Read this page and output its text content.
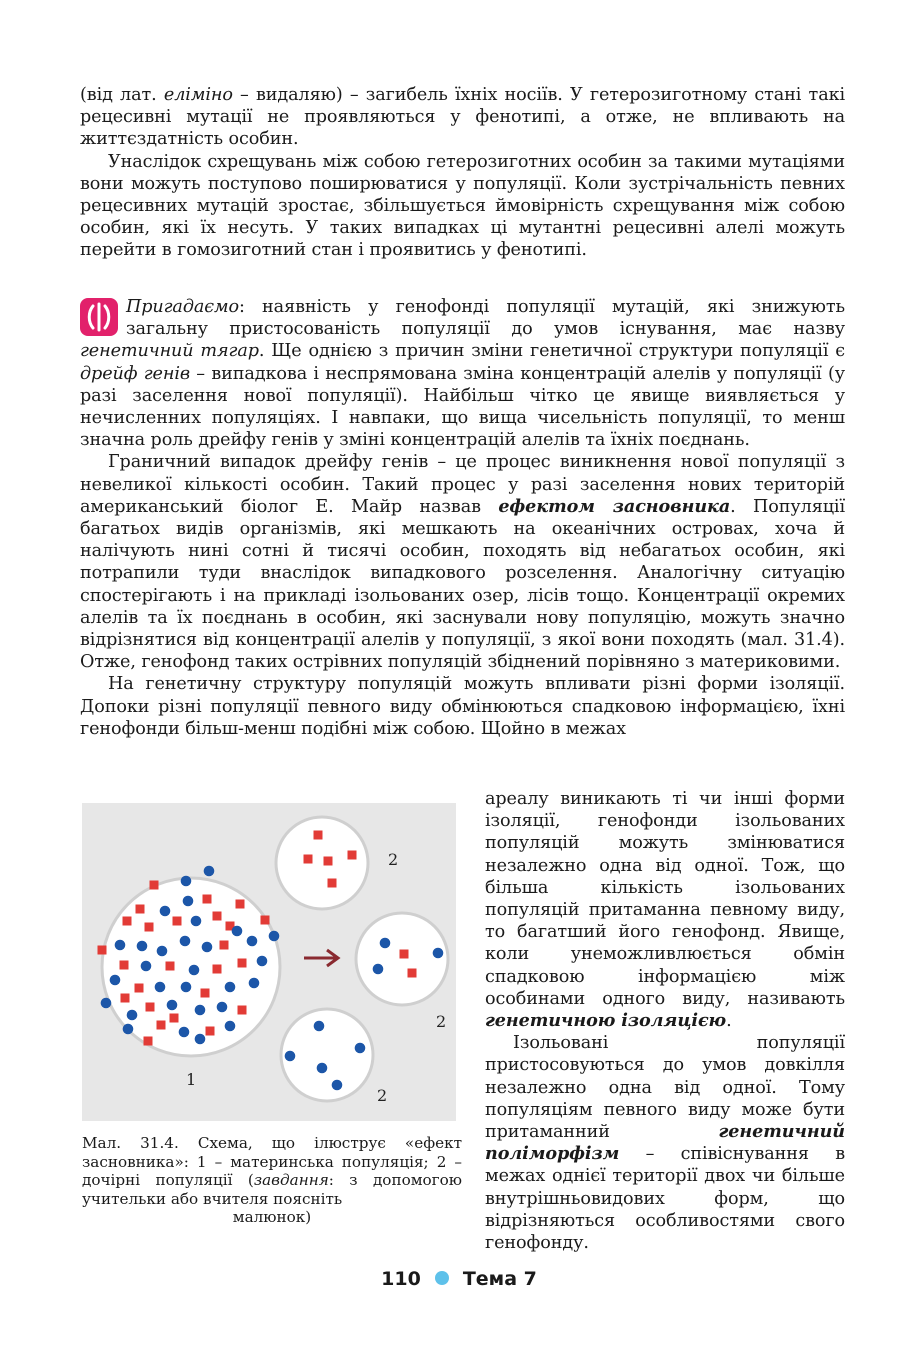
(від лат. еліміно – видаляю) – загибель їхніх носіїв. У гетерозиготному стані такі рецесивні мутації не проявляються у фенотипі, а отже, не впливають на життєздатність особин.

Унаслідок схрещувань між собою гетерозиготних особин за такими мутаціями вони можуть поступово поширюватися у популяції. Коли зустрічальність певних рецесивних мутацій зростає, збільшується ймовірність схрещування між собою особин, які їх несуть. У таких випадках ці мутантні рецесивні алелі можуть перейти в гомозиготний стан і проявитись у фенотипі.

Пригадаємо: наявність у генофонді популяції мутацій, які знижують загальну пристосованість популяції до умов існування, має назву генетичний тягар. Ще однією з причин зміни генетичної структури популяції є дрейф генів – випадкова і неспрямована зміна концентрацій алелів у популяції (у разі заселення нової популяції). Найбільш чітко це явище виявляється у нечисленних популяціях. І навпаки, що вища чисельність популяції, то менш значна роль дрейфу генів у зміні концентрацій алелів та їхніх поєднань.

Граничний випадок дрейфу генів – це процес виникнення нової популяції з невеликої кількості особин. Такий процес у разі заселення нових територій американський біолог Е. Майр назвав ефектом засновника. Популяції багатьох видів організмів, які мешкають на океанічних островах, хоча й налічують нині сотні й тисячі особин, походять від небагатьох особин, які потрапили туди внаслідок випадкового розселення. Аналогічну ситуацію спостерігають і на прикладі ізольованих озер, лісів тощо. Концентрації окремих алелів та їх поєднань в особин, які заснували нову популяцію, можуть значно відрізнятися від концентрації алелів у популяції, з якої вони походять (мал. 31.4). Отже, генофонд таких острівних популяцій збіднений порівняно з материковими.

На генетичну структуру популяцій можуть впливати різні форми ізоляції. Допоки різні популяції певного виду обмінюються спадковою інформацією, їхні генофонди більш-менш подібні між собою. Щойно в межах

ареалу виникають ті чи інші форми ізоляції, генофонди ізольованих популяцій можуть змінюватися незалежно одна від одної. Тож, що більша кількість ізольованих популяцій притаманна певному виду, то багатший його генофонд. Явище, коли унеможливлюється обмін спадковою інформацією між особинами одного виду, називають генетичною ізоляцією.

Ізольовані популяції пристосовуються до умов довкілля незалежно одна від одної. Тому популяціям певного виду може бути притаманний генетичний поліморфізм – співіснування в межах однієї території двох чи більше внутрішньовидових форм, що відрізняються особливостями свого генофонду.

1
2
2
2
Мал. 31.4. Схема, що ілюструє «ефект засновника»: 1 – материнська популяція; 2 – дочірні популяції (завдання: з допомогою учительки або вчителя поясніть
малюнок)
110 Тема 7
